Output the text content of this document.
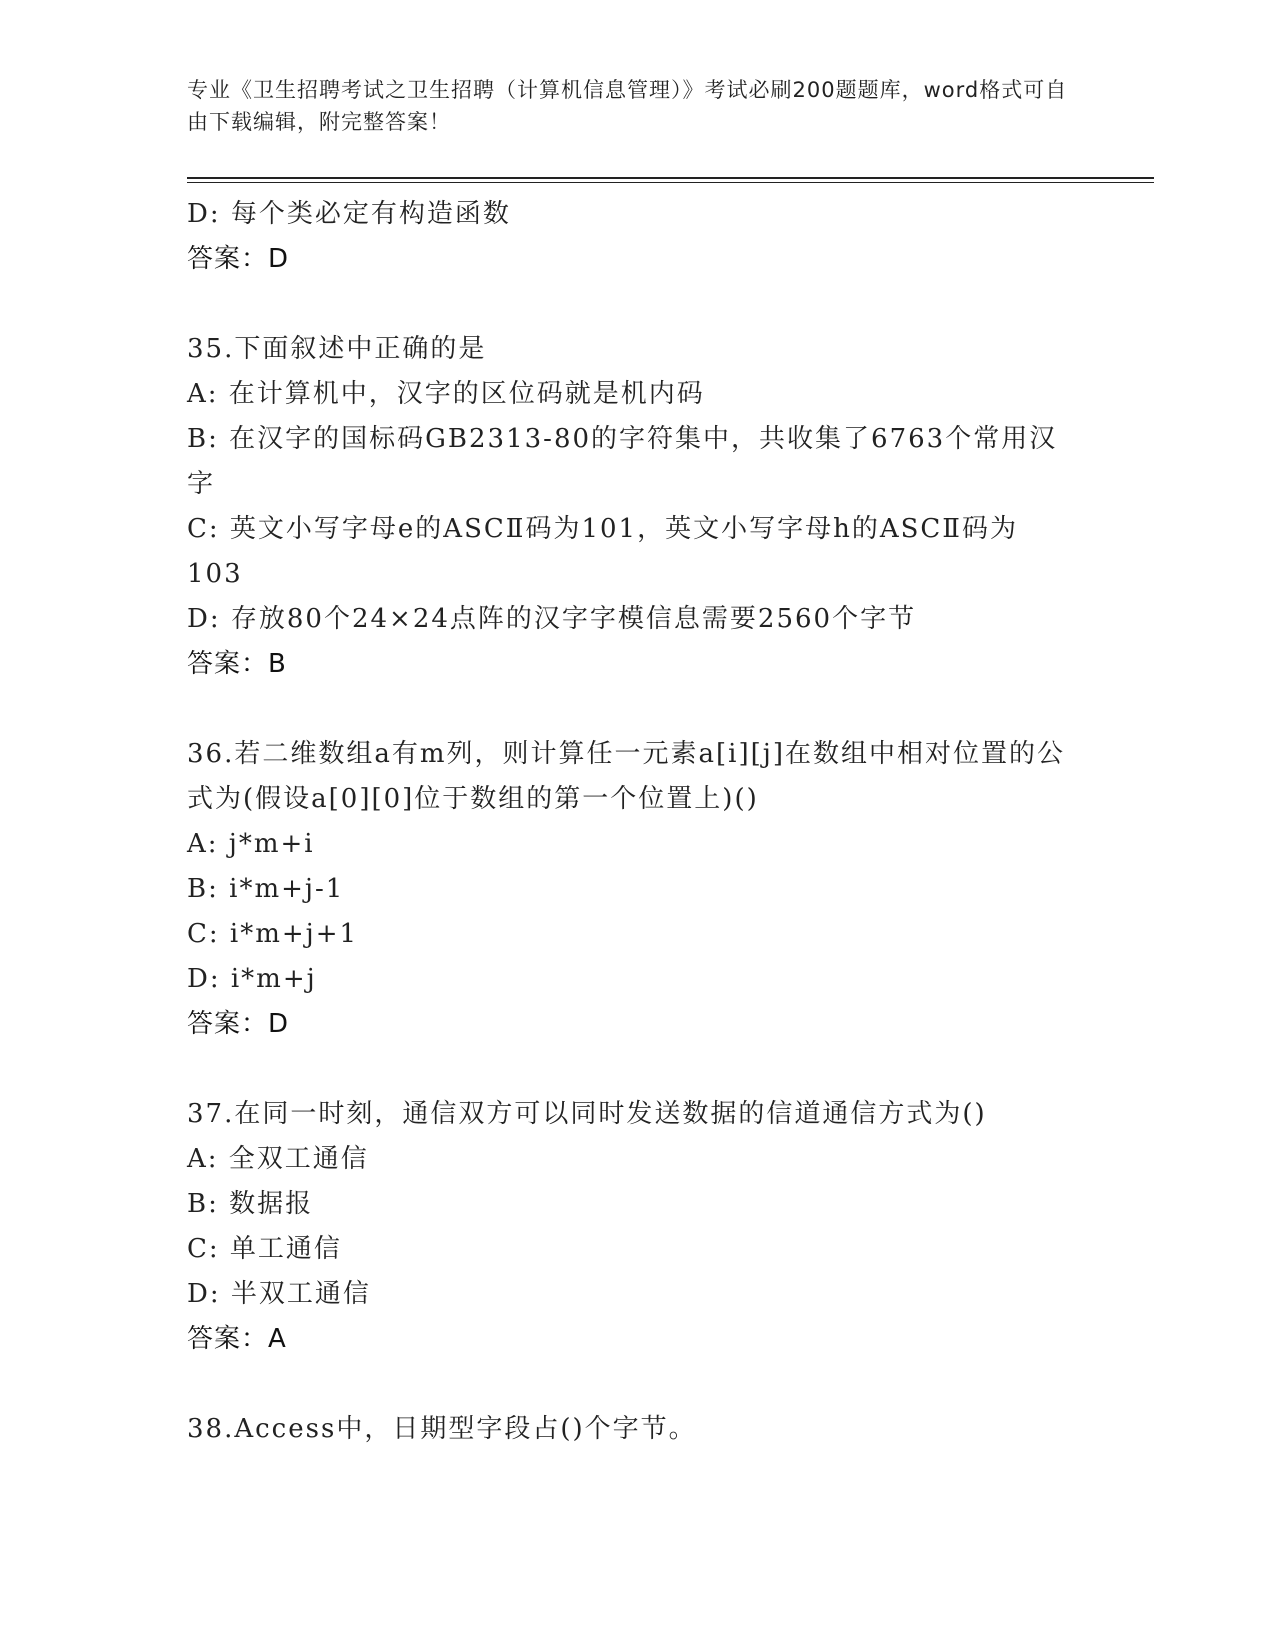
专业《卫生招聘考试之卫生招聘（计算机信息管理）》考试必刷200题题库，word格式可自由下载编辑，附完整答案！
D: 每个类必定有构造函数
答案：D
35.下面叙述中正确的是
A: 在计算机中，汉字的区位码就是机内码
B: 在汉字的国标码GB2313-80的字符集中，共收集了6763个常用汉字
C: 英文小写字母e的ASCⅡ码为101，英文小写字母h的ASCⅡ码为103
D: 存放80个24×24点阵的汉字字模信息需要2560个字节
答案：B
36.若二维数组a有m列，则计算任一元素a[i][j]在数组中相对位置的公式为(假设a[0][0]位于数组的第一个位置上)()
A: j*m+i
B: i*m+j-1
C: i*m+j+1
D: i*m+j
答案：D
37.在同一时刻，通信双方可以同时发送数据的信道通信方式为()
A: 全双工通信
B: 数据报
C: 单工通信
D: 半双工通信
答案：A
38.Access中，日期型字段占()个字节。
